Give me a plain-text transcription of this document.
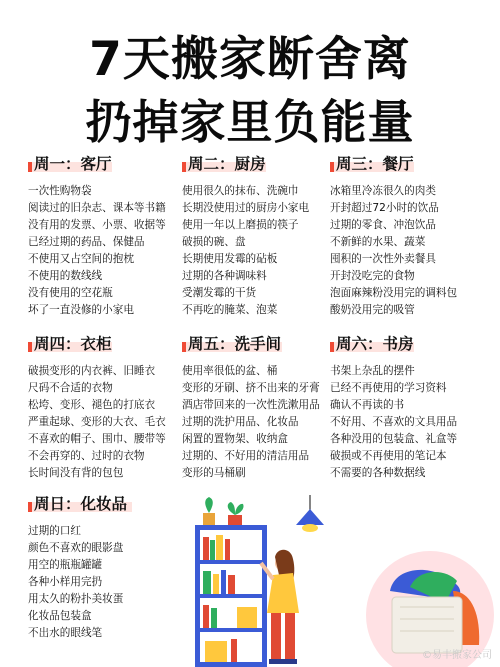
7天搬家断舍离
扔掉家里负能量
周一：客厅
一次性购物袋
阅读过的旧杂志、课本等书籍
没有用的发票、小票、收据等
已经过期的药品、保健品
不使用又占空间的抱枕
不使用的数线线
没有使用的空花瓶
坏了一直没修的小家电
周二：厨房
使用很久的抹布、洗碗巾
长期没使用过的厨房小家电
使用一年以上磨损的筷子
破损的碗、盘
长期使用发霉的砧板
过期的各种调味料
受潮发霉的干货
不再吃的腌菜、泡菜
周三：餐厅
冰箱里冷冻很久的肉类
开封超过72小时的饮品
过期的零食、冲泡饮品
不新鲜的水果、蔬菜
囤积的一次性外卖餐具
开封没吃完的食物
泡面麻辣粉没用完的调料包
酸奶没用完的吸管
周四：衣柜
破损变形的内衣裤、旧睡衣
尺码不合适的衣物
松垮、变形、褪色的打底衣
严重起球、变形的大衣、毛衣
不喜欢的帽子、围巾、腰带等
不会再穿的、过时的衣物
长时间没有背的包包
周五：洗手间
使用率很低的盆、桶
变形的牙刷、挤不出来的牙膏
酒店带回来的一次性洗漱用品
过期的洗护用品、化妆品
闲置的置物架、收纳盒
过期的、不好用的清洁用品
变形的马桶刷
周六：书房
书架上杂乱的摆件
已经不再使用的学习资料
确认不再读的书
不好用、不喜欢的文具用品
各种没用的包装盒、礼盒等
破损或不再使用的笔记本
不需要的各种数据线
周日：化妆品
过期的口红
颜色不喜欢的眼影盘
用空的瓶瓶罐罐
各种小样用完扔
用太久的粉扑美妆蛋
化妆品包装盒
不出水的眼线笔
©易丰搬家公司
